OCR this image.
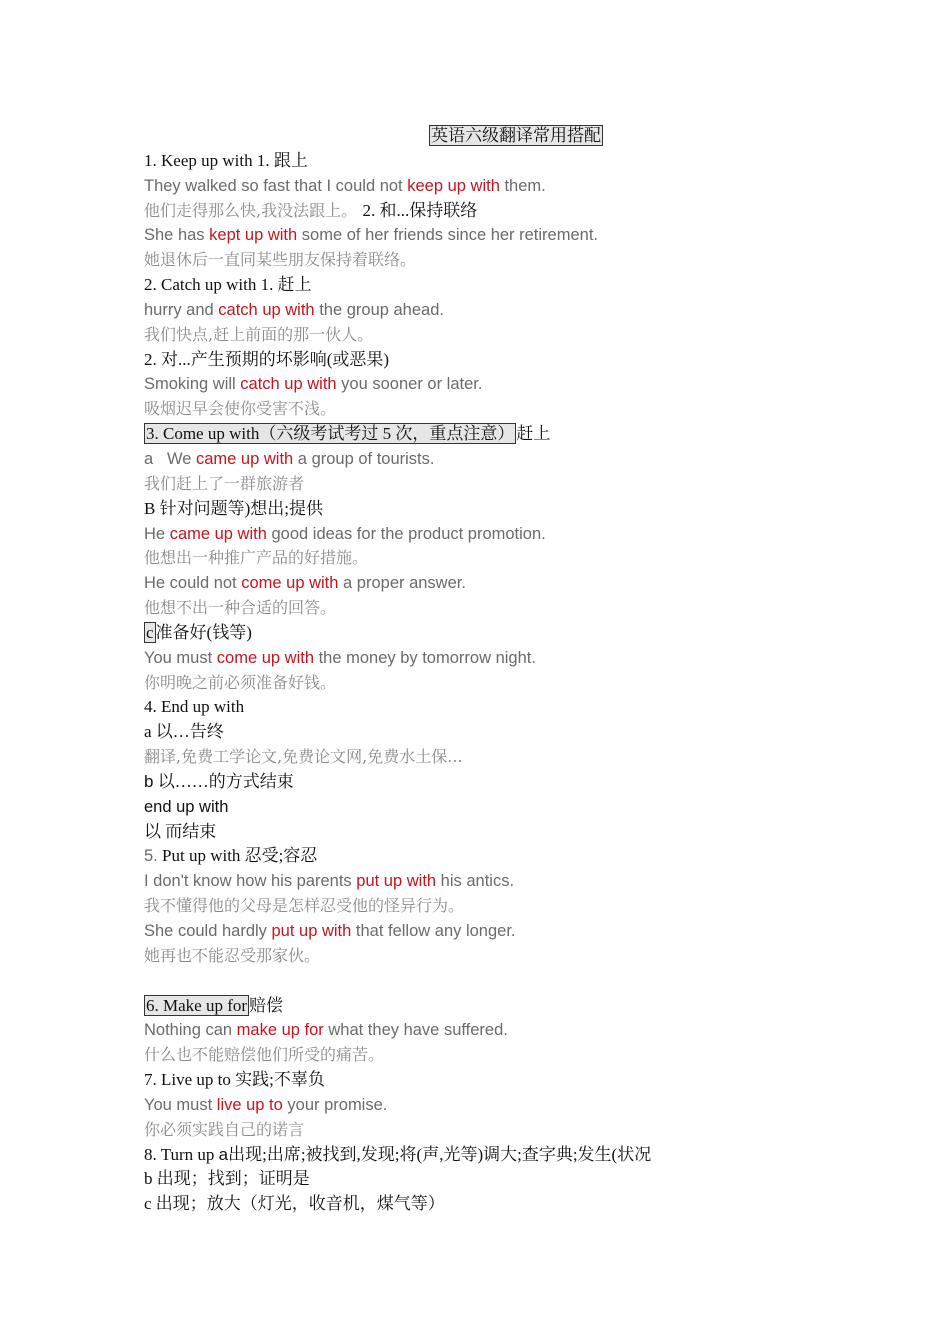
英语六级翻译常用搭配
1. Keep up with 1. 跟上
They walked so fast that I could not keep up with them.
他们走得那么快,我没法跟上。 2. 和...保持联络
She has kept up with some of her friends since her retirement.
她退休后一直同某些朋友保持着联络。
2. Catch up with 1. 赶上
hurry and catch up with the group ahead.
我们快点,赶上前面的那一伙人。
2. 对...产生预期的坏影响(或恶果)
Smoking will catch up with you sooner or later.
吸烟迟早会使你受害不浅。
3. Come up with（六级考试考过 5 次，重点注意） 赶上
a We came up with a group of tourists.
我们赶上了一群旅游者
B 针对问题等)想出;提供
He came up with good ideas for the product promotion.
他想出一种推广产品的好措施。
He could not come up with a proper answer.
他想不出一种合适的回答。
c 准备好(钱等)
You must come up with the money by tomorrow night.
你明晚之前必须准备好钱。
4. End up with
a 以…告终
翻译,免费工学论文,免费论文网,免费水土保...
b 以……的方式结束
end up with
以 而结束
5. Put up with 忍受;容忍
I don't know how his parents put up with his antics.
我不懂得他的父母是怎样忍受他的怪异行为。
She could hardly put up with that fellow any longer.
她再也不能忍受那家伙。
6. Make up for 赔偿
Nothing can make up for what they have suffered.
什么也不能赔偿他们所受的痛苦。
7. Live up to 实践;不辜负
You must live up to your promise.
你必须实践自己的诺言
8. Turn up a出现;出席;被找到,发现;将(声,光等)调大;查字典;发生(状况
b 出现；找到；证明是
c 出现；放大（灯光，收音机，煤气等）
